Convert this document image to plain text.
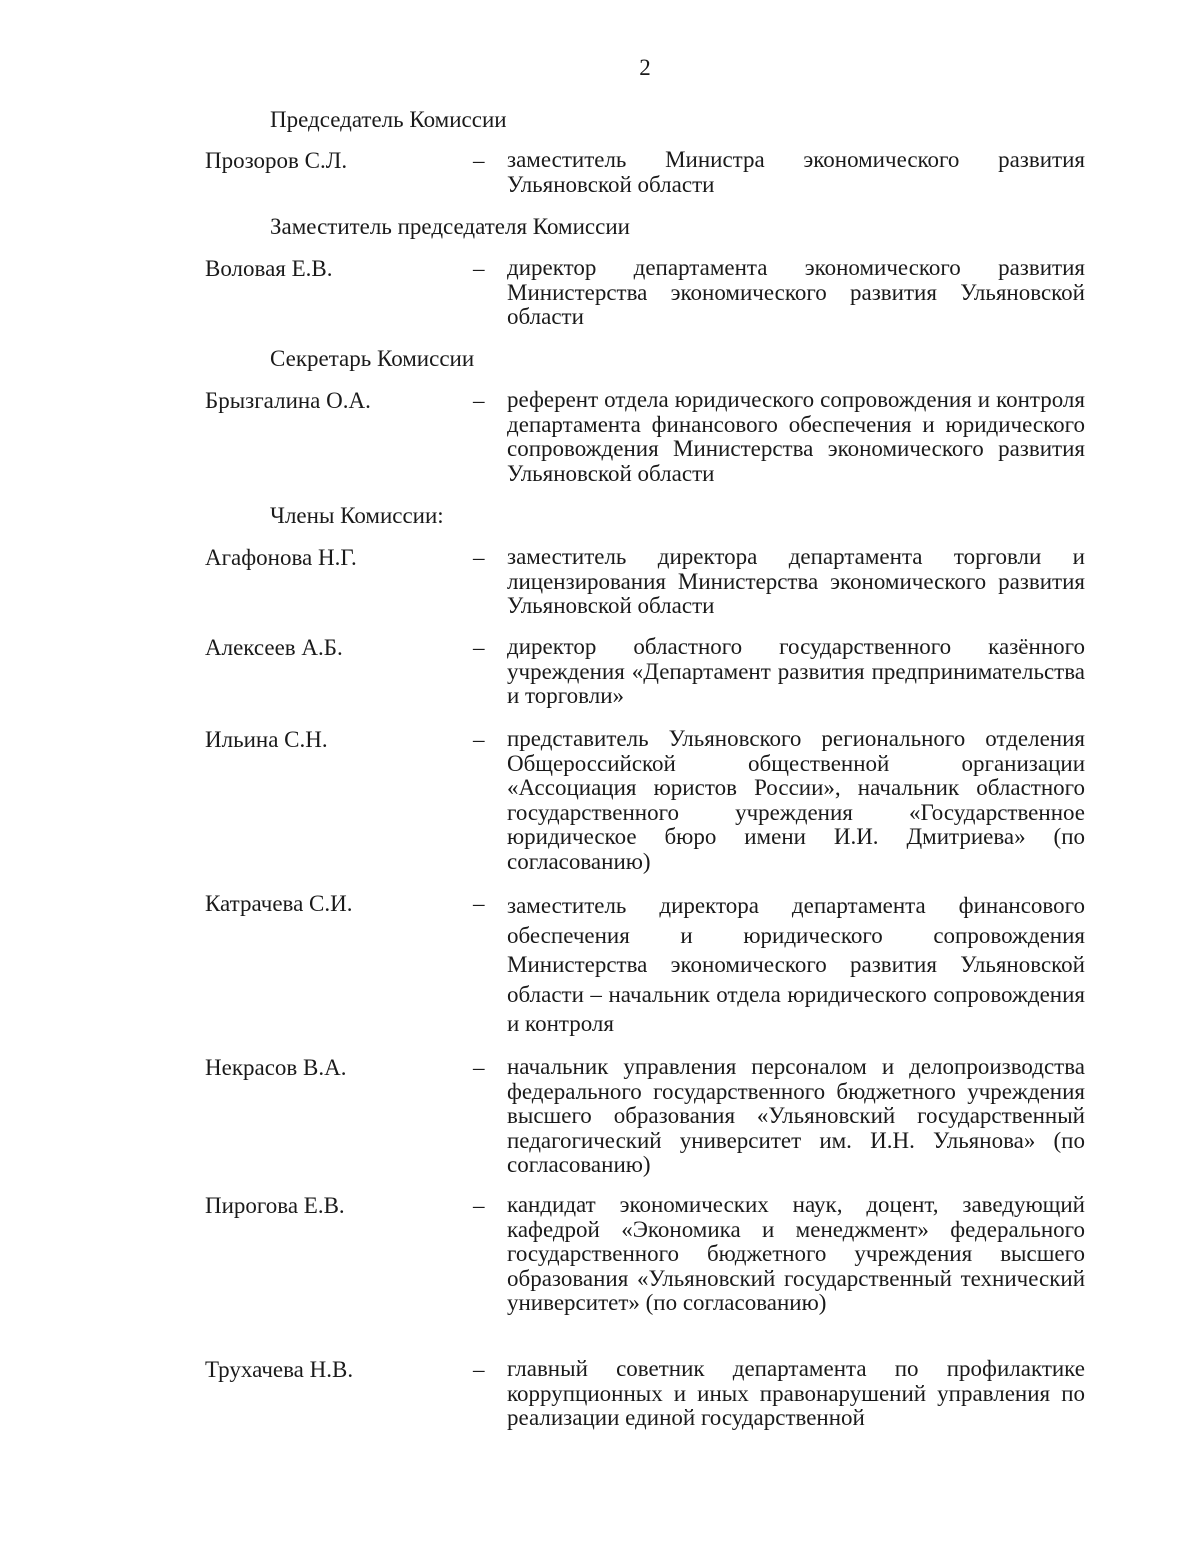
2
Председатель Комиссии
Прозоров С.Л.	– заместитель Министра экономического развития Ульяновской области
Заместитель председателя Комиссии
Воловая Е.В.	– директор департамента экономического развития Министерства экономического развития Ульяновской области
Секретарь Комиссии
Брызгалина О.А.	– референт отдела юридического сопровождения и контроля департамента финансового обеспечения и юридического сопровождения Министерства экономического развития Ульяновской области
Члены Комиссии:
Агафонова Н.Г.	– заместитель директора департамента торговли и лицензирования Министерства экономического развития Ульяновской области
Алексеев А.Б.	– директор областного государственного казённого учреждения «Департамент развития предпринимательства и торговли»
Ильина С.Н.	– представитель Ульяновского регионального отделения Общероссийской общественной организации «Ассоциация юристов России», начальник областного государственного учреждения «Государственное юридическое бюро имени И.И. Дмитриева» (по согласованию)
Катрачева С.И.	– заместитель директора департамента финансового обеспечения и юридического сопровождения Министерства экономического развития Ульяновской области – начальник отдела юридического сопровождения и контроля
Некрасов В.А.	– начальник управления персоналом и делопроизводства федерального государственного бюджетного учреждения высшего образования «Ульяновский государственный педагогический университет им. И.Н. Ульянова» (по согласованию)
Пирогова Е.В.	– кандидат экономических наук, доцент, заведующий кафедрой «Экономика и менеджмент» федерального государственного бюджетного учреждения высшего образования «Ульяновский государственный технический университет» (по согласованию)
Трухачева Н.В.	– главный советник департамента по профилактике коррупционных и иных правонарушений управления по реализации единой государственной
